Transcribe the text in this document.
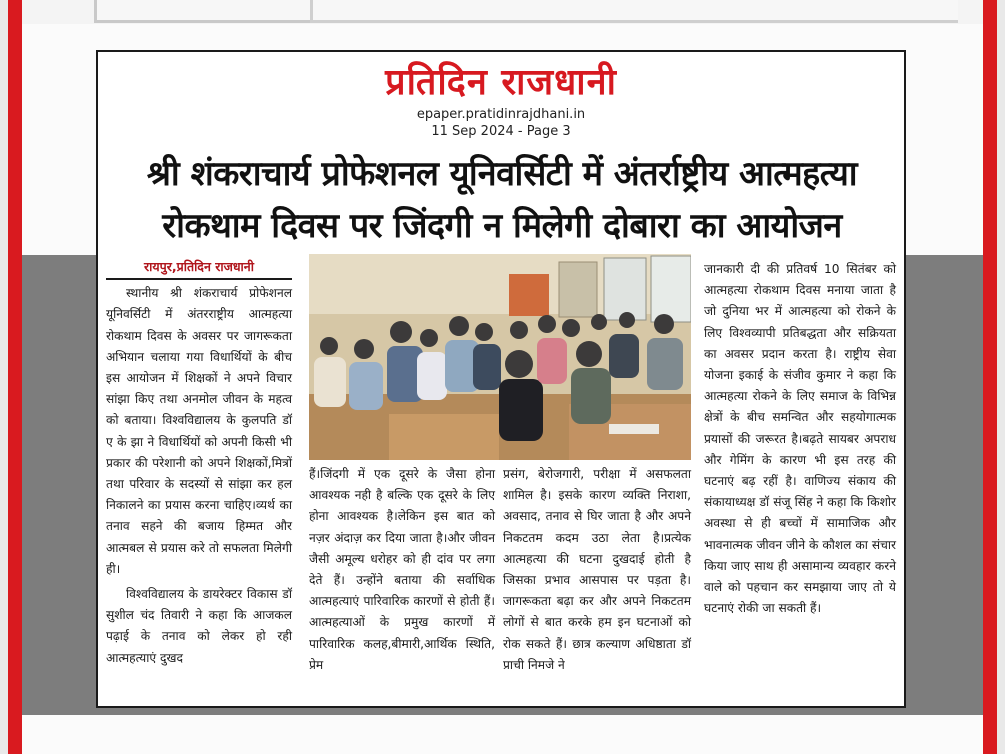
प्रतिदिन राजधानी
epaper.pratidinrajdhani.in
11 Sep 2024 - Page 3
श्री शंकराचार्य प्रोफेशनल यूनिवर्सिटी में अंतर्राष्ट्रीय आत्महत्या
रोकथाम दिवस पर जिंदगी न मिलेगी दोबारा का आयोजन
रायपुर,प्रतिदिन राजधानी

स्थानीय श्री शंकराचार्य प्रोफेशनल यूनिवर्सिटी में अंतरराष्ट्रीय आत्महत्या रोकथाम दिवस के अवसर पर जागरूकता अभियान चलाया गया विधार्थियों के बीच इस आयोजन में शिक्षकों ने अपने विचार सांझा किए तथा अनमोल जीवन के महत्व को बताया। विश्वविद्यालय के कुलपति डॉ ए के झा ने विधार्थियों को अपनी किसी भी प्रकार की परेशानी को अपने शिक्षकों,मित्रों तथा परिवार के सदस्यों से सांझा कर हल निकालने का प्रयास करना चाहिए।व्यर्थ का तनाव सहने की बजाय हिम्मत और आत्मबल से प्रयास करे तो सफलता मिलेगी ही।

विश्वविद्यालय के डायरेक्टर विकास डॉ सुशील चंद तिवारी ने कहा कि आजकल पढ़ाई के तनाव को लेकर हो रही आत्महत्याएं दुखद

हैं।जिंदगी में एक दूसरे के जैसा होना आवश्यक नही है बल्कि एक दूसरे के लिए होना आवश्यक है।लेकिन इस बात को नज़र अंदाज़ कर दिया जाता है।और जीवन जैसी अमूल्य धरोहर को ही दांव पर लगा देते हैं। उन्होंने बताया की सर्वाधिक आत्महत्याएं पारिवारिक कारणों से होती हैं। आत्महत्याओं के प्रमुख कारणों में पारिवारिक कलह,बीमारी,आर्थिक स्थिति, प्रेम

प्रसंग, बेरोजगारी, परीक्षा में असफलता शामिल है। इसके कारण व्यक्ति निराशा, अवसाद, तनाव से घिर जाता है और अपने निकटतम कदम उठा लेता है।प्रत्येक आत्महत्या की घटना दुखदाई होती है जिसका प्रभाव आसपास पर पड़ता है।जागरूकता बढ़ा कर और अपने निकटतम लोगों से बात करके हम इन घटनाओं को रोक सकते हैं। छात्र कल्याण अधिष्ठाता डॉ प्राची निमजे ने

जानकारी दी की प्रतिवर्ष 10 सितंबर को आत्महत्या रोकथाम दिवस मनाया जाता है जो दुनिया भर में आत्महत्या को रोकने के लिए विश्वव्यापी प्रतिबद्धता और सक्रियता का अवसर प्रदान करता है। राष्ट्रीय सेवा योजना इकाई के संजीव कुमार ने कहा कि आत्महत्या रोकने के लिए समाज के विभिन्न क्षेत्रों के बीच समन्वित और सहयोगात्मक प्रयासों की जरूरत है।बढ़ते सायबर अपराध और गेमिंग के कारण भी इस तरह की घटनाएं बढ़ रहीं है। वाणिज्य संकाय की संकायाध्यक्ष डॉ संजू सिंह ने कहा कि किशोर अवस्था से ही बच्चों में सामाजिक और भावनात्मक जीवन जीने के कौशल का संचार किया जाए साथ ही असामान्य व्यवहार करने वाले को पहचान कर समझाया जाए तो ये घटनाएं रोकी जा सकती हैं।
